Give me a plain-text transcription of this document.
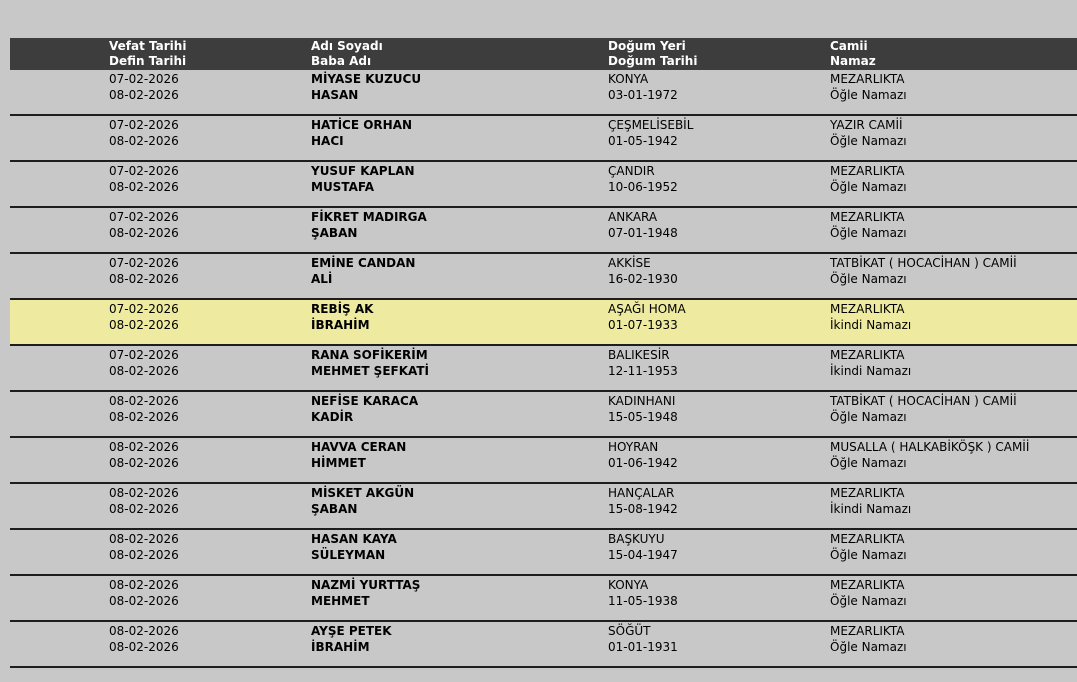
Vefat Tarihi
Defin Tarihi
Adı Soyadı
Baba Adı
Doğum Yeri
Doğum Tarihi
Camii
Namaz
07-02-2026
08-02-2026
MİYASE KUZUCU
HASAN
KONYA
03-01-1972
MEZARLIKTA
Öğle Namazı
07-02-2026
08-02-2026
HATİCE ORHAN
HACI
ÇEŞMELİSEBİL
01-05-1942
YAZIR CAMİİ
Öğle Namazı
07-02-2026
08-02-2026
YUSUF KAPLAN
MUSTAFA
ÇANDIR
10-06-1952
MEZARLIKTA
Öğle Namazı
07-02-2026
08-02-2026
FİKRET MADIRGA
ŞABAN
ANKARA
07-01-1948
MEZARLIKTA
Öğle Namazı
07-02-2026
08-02-2026
EMİNE CANDAN
ALİ
AKKİSE
16-02-1930
TATBİKAT ( HOCACİHAN ) CAMİİ
Öğle Namazı
07-02-2026
08-02-2026
REBİŞ AK
İBRAHİM
AŞAĞI HOMA
01-07-1933
MEZARLIKTA
İkindi Namazı
07-02-2026
08-02-2026
RANA SOFİKERİM
MEHMET ŞEFKATİ
BALIKESİR
12-11-1953
MEZARLIKTA
İkindi Namazı
08-02-2026
08-02-2026
NEFİSE KARACA
KADİR
KADINHANI
15-05-1948
TATBİKAT ( HOCACİHAN ) CAMİİ
Öğle Namazı
08-02-2026
08-02-2026
HAVVA CERAN
HİMMET
HOYRAN
01-06-1942
MUSALLA ( HALKABİKÖŞK ) CAMİİ
Öğle Namazı
08-02-2026
08-02-2026
MİSKET AKGÜN
ŞABAN
HANÇALAR
15-08-1942
MEZARLIKTA
İkindi Namazı
08-02-2026
08-02-2026
HASAN KAYA
SÜLEYMAN
BAŞKUYU
15-04-1947
MEZARLIKTA
Öğle Namazı
08-02-2026
08-02-2026
NAZMİ YURTTAŞ
MEHMET
KONYA
11-05-1938
MEZARLIKTA
Öğle Namazı
08-02-2026
08-02-2026
AYŞE PETEK
İBRAHİM
SÖĞÜT
01-01-1931
MEZARLIKTA
Öğle Namazı
